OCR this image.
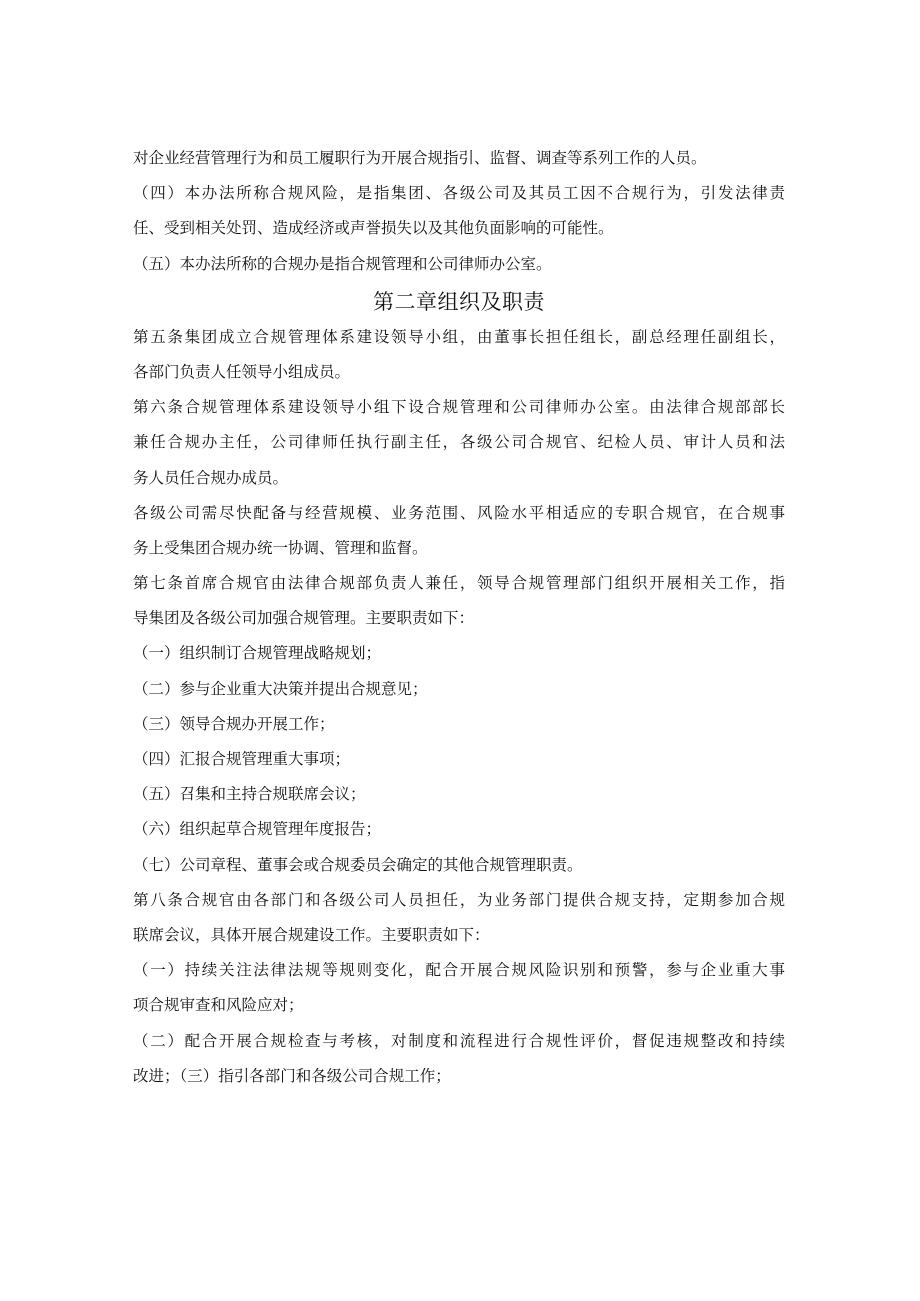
对企业经营管理行为和员工履职行为开展合规指引、监督、调查等系列工作的人员。
（四）本办法所称合规风险，是指集团、各级公司及其员工因不合规行为，引发法律责
任、受到相关处罚、造成经济或声誉损失以及其他负面影响的可能性。
（五）本办法所称的合规办是指合规管理和公司律师办公室。
第二章组织及职责
第五条集团成立合规管理体系建设领导小组，由董事长担任组长，副总经理任副组长，
各部门负责人任领导小组成员。
第六条合规管理体系建设领导小组下设合规管理和公司律师办公室。由法律合规部部长
兼任合规办主任，公司律师任执行副主任，各级公司合规官、纪检人员、审计人员和法
务人员任合规办成员。
各级公司需尽快配备与经营规模、业务范围、风险水平相适应的专职合规官，在合规事
务上受集团合规办统一协调、管理和监督。
第七条首席合规官由法律合规部负责人兼任，领导合规管理部门组织开展相关工作，指
导集团及各级公司加强合规管理。主要职责如下：
（一）组织制订合规管理战略规划；
（二）参与企业重大决策并提出合规意见；
（三）领导合规办开展工作；
（四）汇报合规管理重大事项；
（五）召集和主持合规联席会议；
（六）组织起草合规管理年度报告；
（七）公司章程、董事会或合规委员会确定的其他合规管理职责。
第八条合规官由各部门和各级公司人员担任，为业务部门提供合规支持，定期参加合规
联席会议，具体开展合规建设工作。主要职责如下：
（一）持续关注法律法规等规则变化，配合开展合规风险识别和预警，参与企业重大事
项合规审查和风险应对；
（二）配合开展合规检查与考核，对制度和流程进行合规性评价，督促违规整改和持续
改进；（三）指引各部门和各级公司合规工作；
